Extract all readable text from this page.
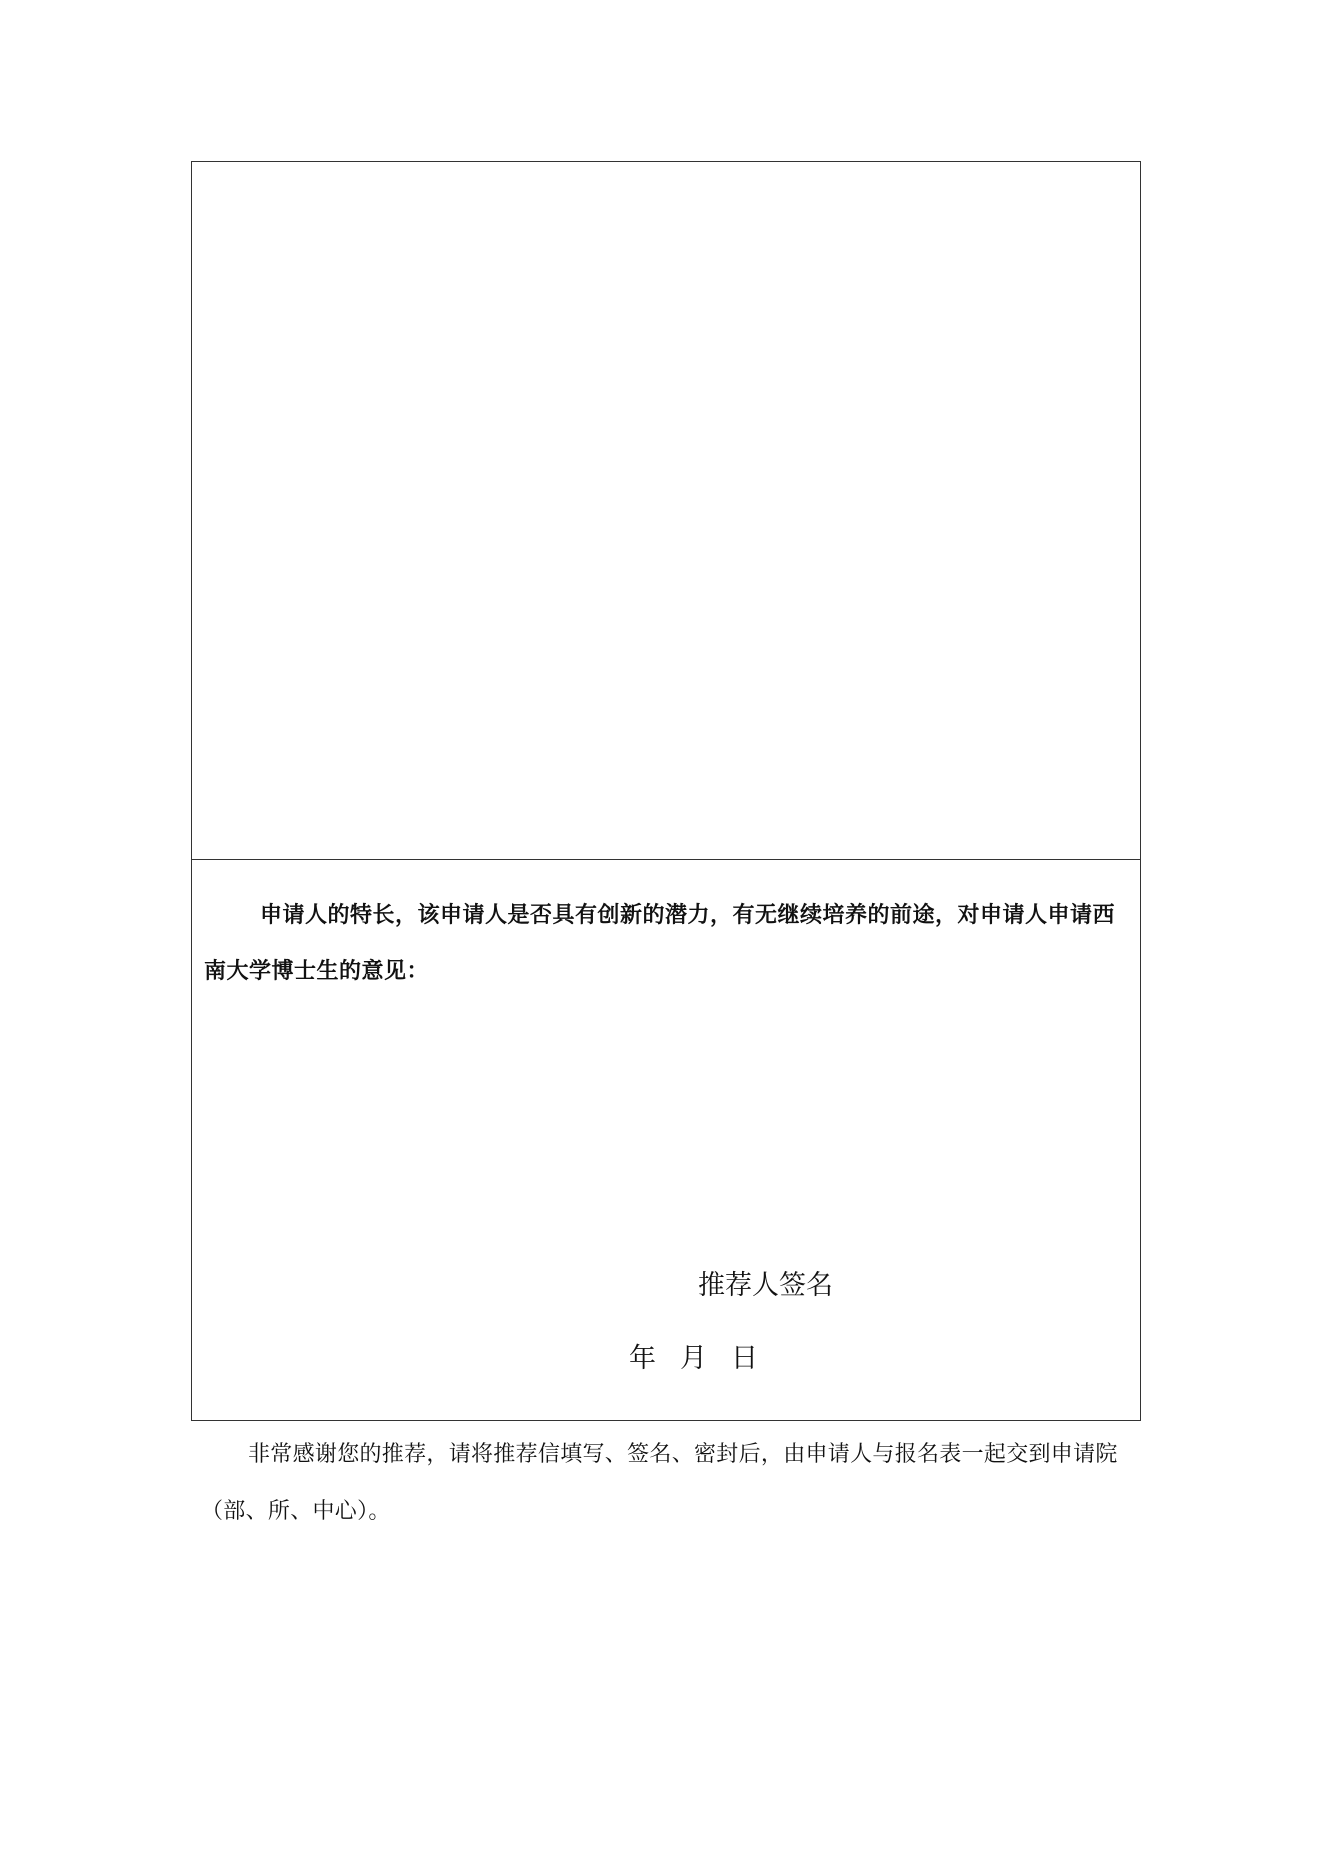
申请人的特长，该申请人是否具有创新的潜力，有无继续培养的前途，对申请人申请西南大学博士生的意见：

推荐人签名

年 月 日

非常感谢您的推荐，请将推荐信填写、签名、密封后，由申请人与报名表一起交到申请院（部、所、中心）。
